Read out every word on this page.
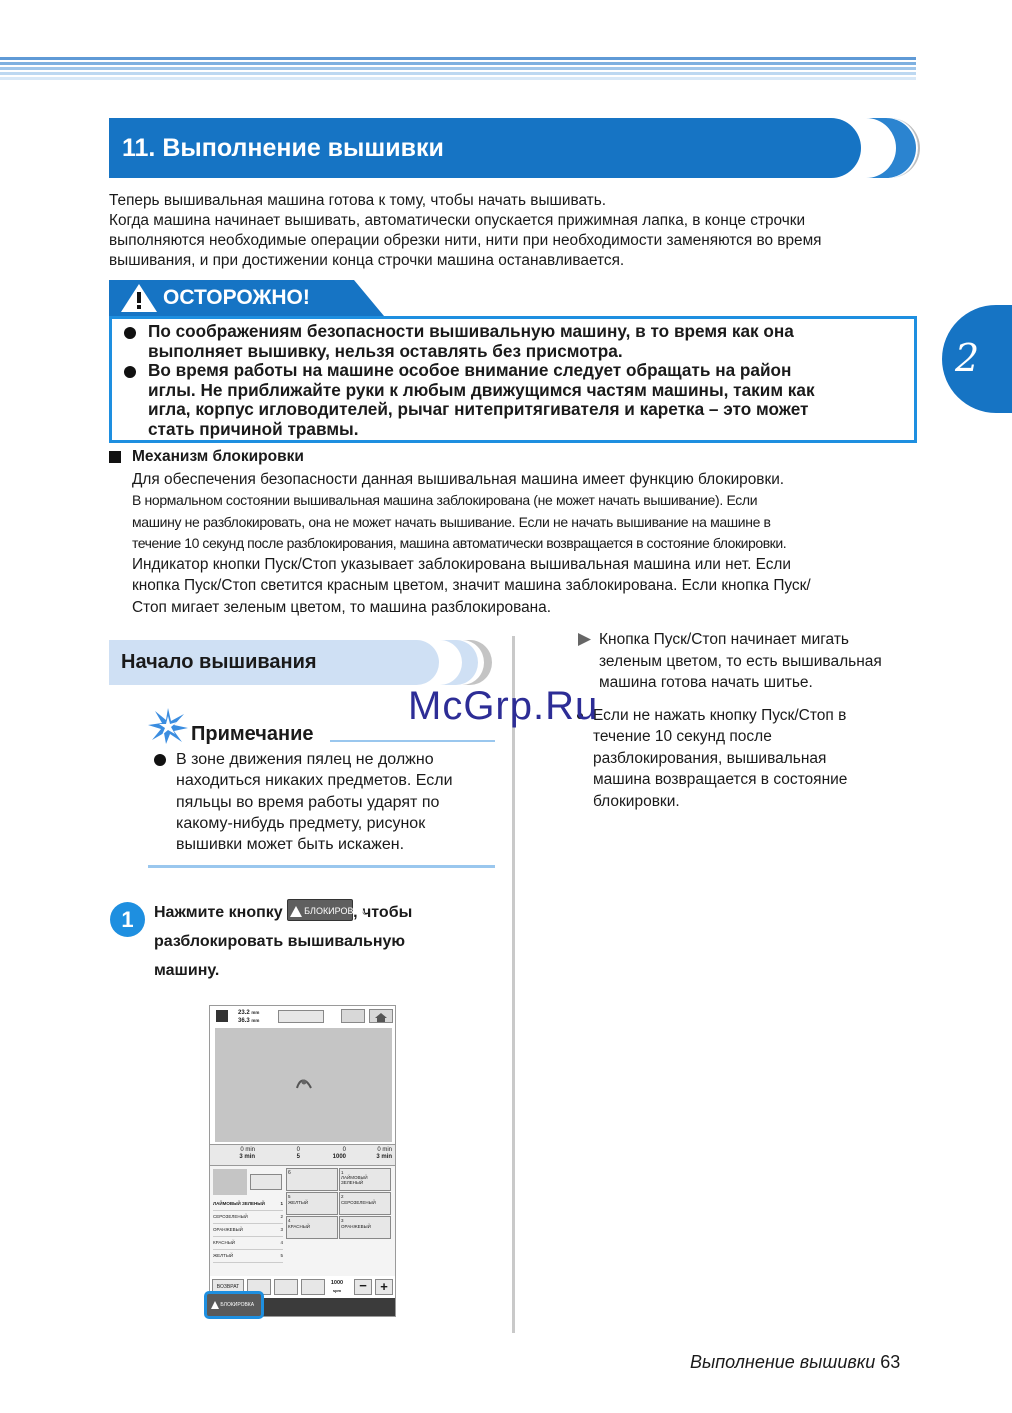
2
11. Выполнение вышивки
Теперь вышивальная машина готова к тому, чтобы начать вышивать.
Когда машина начинает вышивать, автоматически опускается прижимная лапка, в конце строчки
выполняются необходимые операции обрезки нити, нити при необходимости заменяются во время
вышивания, и при достижении конца строчки машина останавливается.
ОСТОРОЖНО!

По соображениям безопасности вышивальную машину, в то время как она

выполняет вышивку, нельзя оставлять без присмотра.

Во время работы на машине особое внимание следует обращать на район

иглы. Не приближайте руки к любым движущимся частям машины, таким как

игла, корпус игловодителей, рычаг нитепритягивателя и каретка – это может

стать причиной травмы.

Механизм блокировки
Для обеспечения безопасности данная вышивальная машина имеет функцию блокировки.
В нормальном состоянии вышивальная машина заблокирована (не может начать вышивание). Если
машину не разблокировать, она не может начать вышивание. Если не начать вышивание на машине в
течение 10 секунд после разблокирования, машина автоматически возвращается в состояние блокировки.
Индикатор кнопки Пуск/Стоп указывает заблокирована вышивальная машина или нет. Если
кнопка Пуск/Стоп светится красным цветом, значит машина заблокирована. Если кнопка Пуск/
Стоп мигает зеленым цветом, то машина разблокирована.
Начало вышивания
Примечание
В зоне движения пялец не должно
находиться никаких предметов. Если
пяльцы во время работы ударят по
какому-нибудь предмету, рисунок
вышивки может быть искажен.
1	Нажмите кнопку БЛОКИРОВКА, чтобы
разблокировать вышивальную
машину.
Кнопка Пуск/Стоп начинает мигать
зеленым цветом, то есть вышивальная
машина готова начать шитье.
Если не нажать кнопку Пуск/Стоп в
течение 10 секунд после
разблокирования, вышивальная
машина возвращается в состояние
блокировки.
McGrp.Ru
23.2 mm
36.3 mm
0 min
3 min
0
5
0
1000
0 min
3 min
ЛАЙМОВЫЙ ЗЕЛЕНЫЙ	1
СЕРОЗЕЛЕНЫЙ	2
ОРАНЖЕВЫЙ	3
КРАСНЫЙ	4
ЖЕЛТЫЙ	5
6	1
ЛАЙМОВЫЙ ЗЕЛЕНЫЙ
5
ЖЕЛТЫЙ
2
СЕРОЗЕЛЕНЫЙ
4
КРАСНЫЙ
3
ОРАНЖЕВЫЙ
ВОЗВРАТ
1000
spm	−	+
БЛОКИРОВКА
Выполнение вышивки 63
